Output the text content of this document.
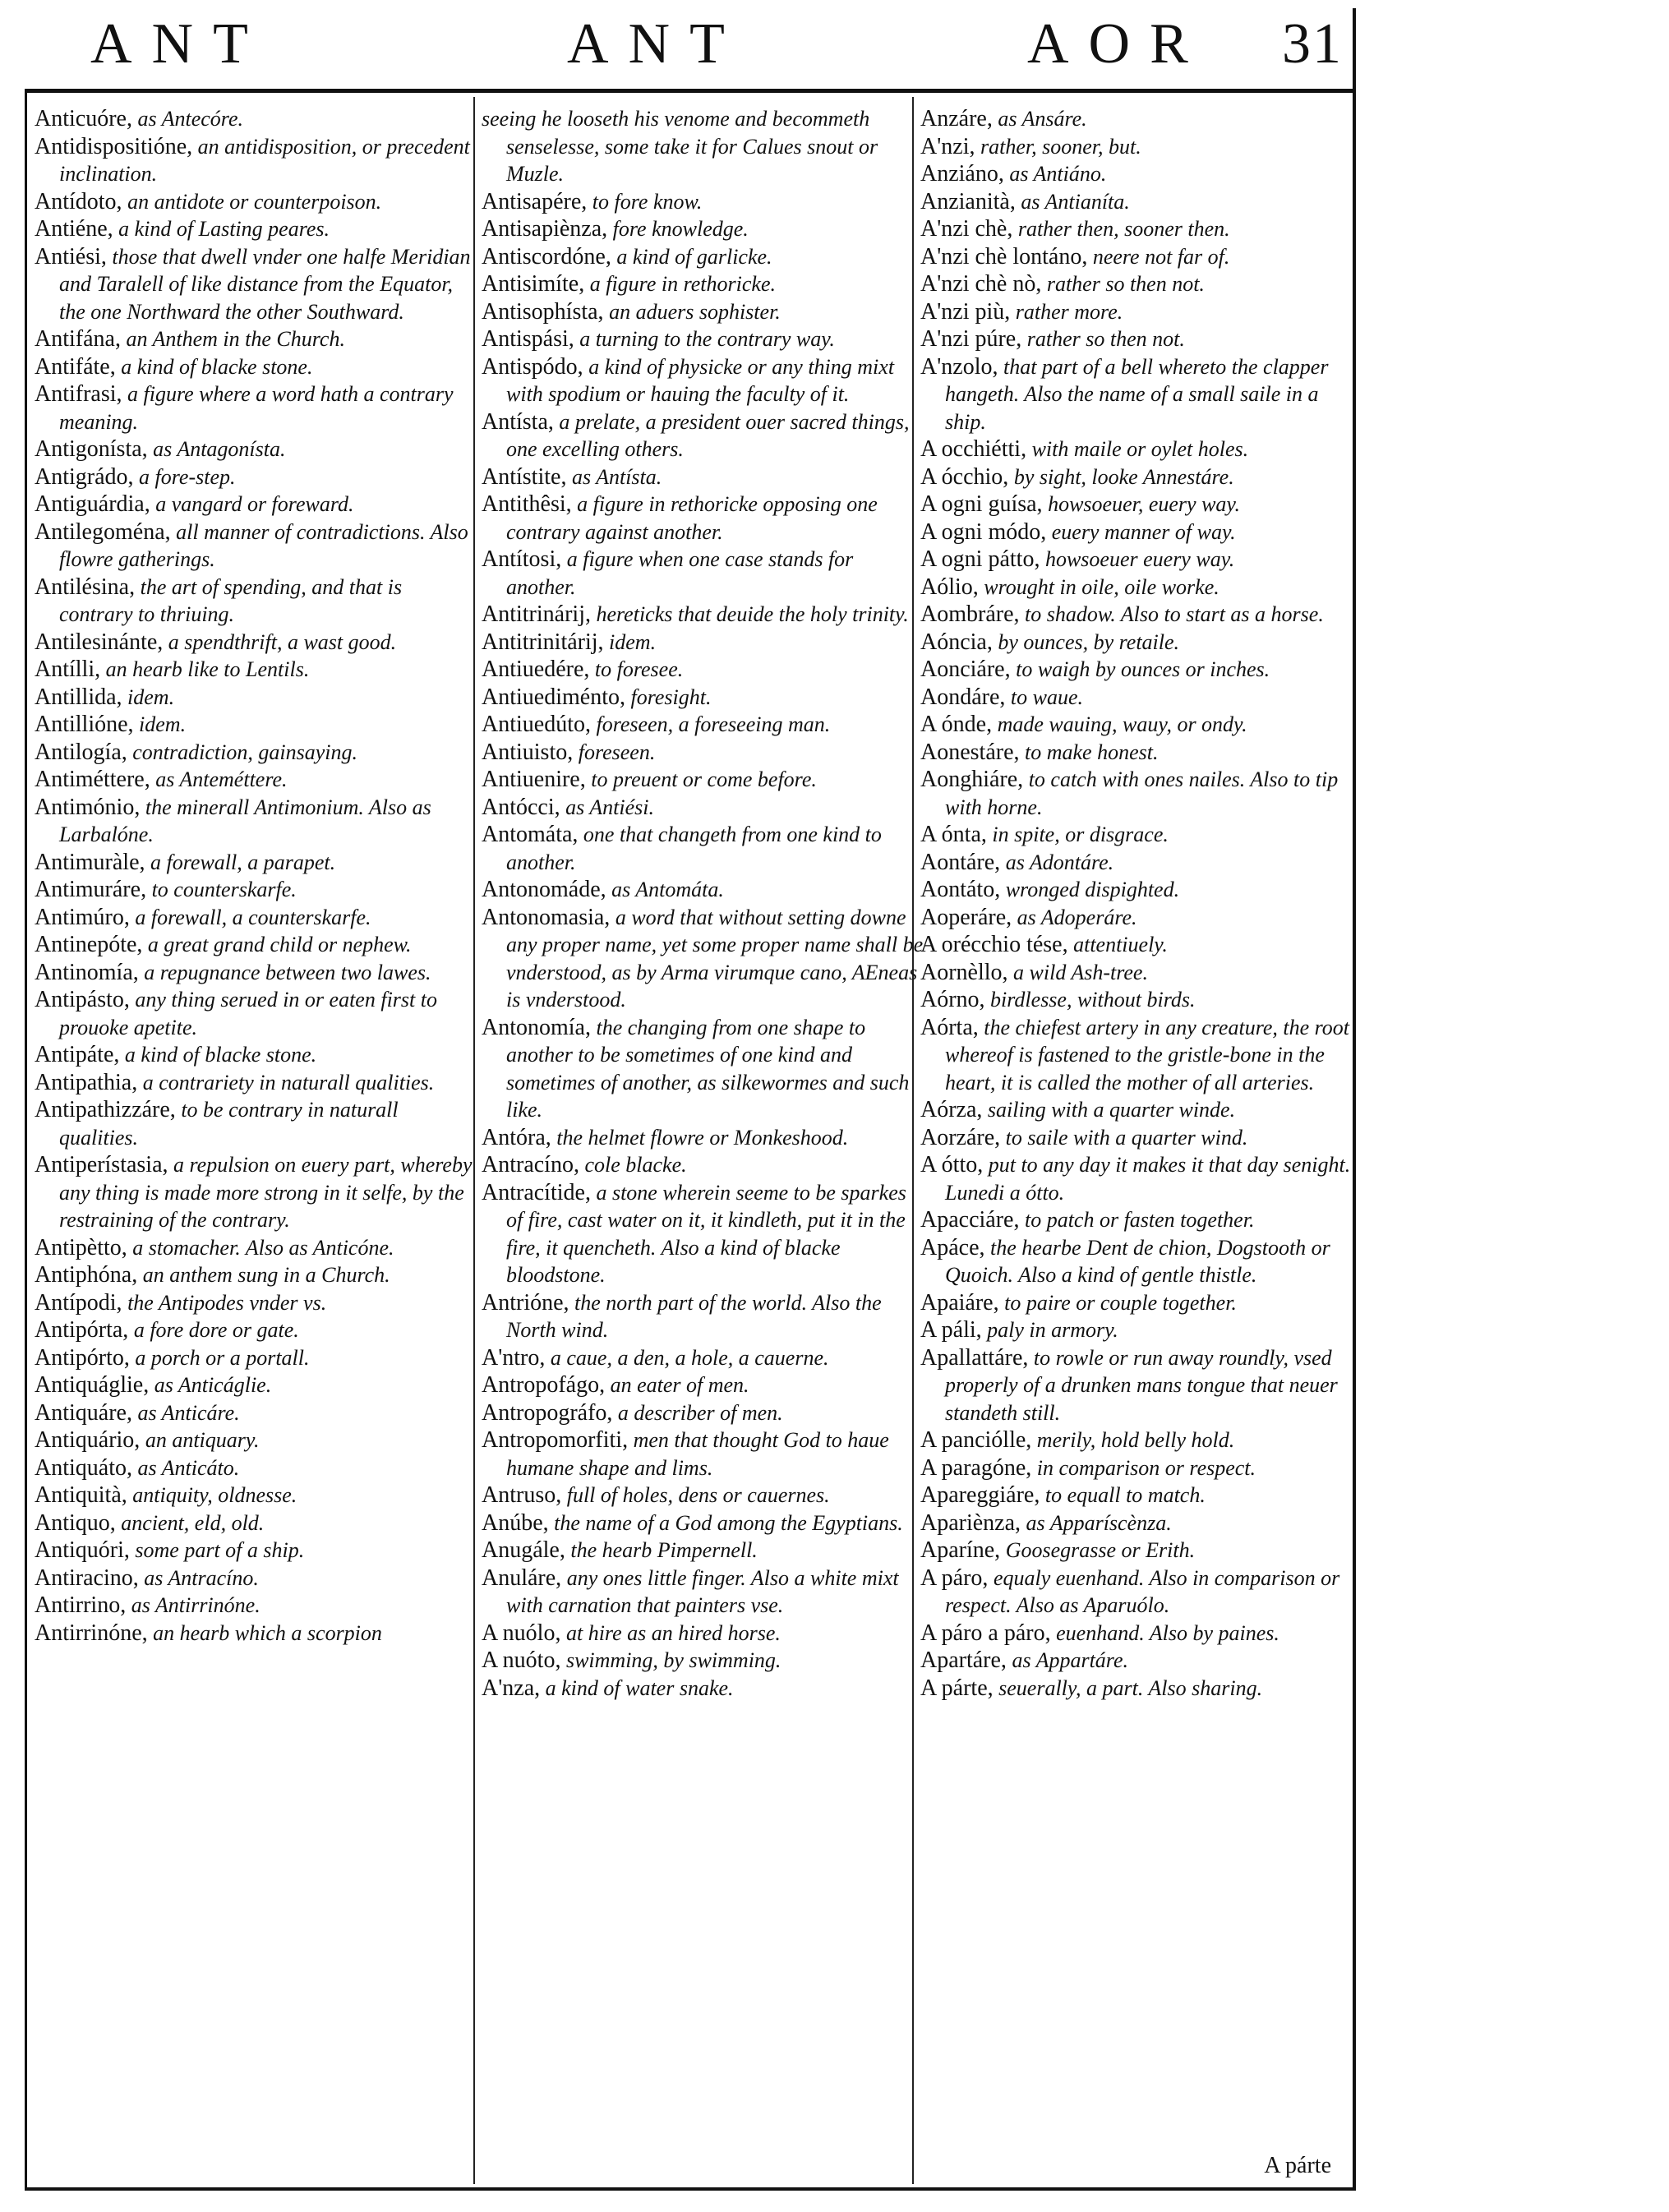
ANT	ANT	AOR 31

Anticuóre, as Antecóre.

Antidispositióne, an antidisposition, or precedent inclination.

Antídoto, an antidote or counterpoison.

Antiéne, a kind of Lasting peares.

Antiési, those that dwell vnder one halfe Meridian and Taralell of like distance from the Equator, the one Northward the other Southward.

Antifána, an Anthem in the Church.

Antifáte, a kind of blacke stone.

Antifrasi, a figure where a word hath a contrary meaning.

Antigonísta, as Antagonísta.

Antigrádo, a fore-step.

Antiguárdia, a vangard or foreward.

Antilegoména, all manner of contradictions. Also flowre gatherings.

Antilésina, the art of spending, and that is contrary to thriuing.

Antilesinánte, a spendthrift, a wast good.

Antílli, an hearb like to Lentils.

Antillida, idem.

Antillióne, idem.

Antilogía, contradiction, gainsaying.

Antiméttere, as Anteméttere.

Antimónio, the minerall Antimonium. Also as Larbalóne.

Antimuràle, a forewall, a parapet.

Antimuráre, to counterskarfe.

Antimúro, a forewall, a counterskarfe.

Antinepóte, a great grand child or nephew.

Antinomía, a repugnance between two lawes.

Antipásto, any thing serued in or eaten first to prouoke apetite.

Antipáte, a kind of blacke stone.

Antipathia, a contrariety in naturall qualities.

Antipathizzáre, to be contrary in naturall qualities.

Antiperístasia, a repulsion on euery part, whereby any thing is made more strong in it selfe, by the restraining of the contrary.

Antipètto, a stomacher. Also as Anticóne.

Antiphóna, an anthem sung in a Church.

Antípodi, the Antipodes vnder vs.

Antipórta, a fore dore or gate.

Antipórto, a porch or a portall.

Antiquáglie, as Anticáglie.

Antiquáre, as Anticáre.

Antiquário, an antiquary.

Antiquáto, as Anticáto.

Antiquità, antiquity, oldnesse.

Antiquo, ancient, eld, old.

Antiquóri, some part of a ship.

Antiracino, as Antracíno.

Antirrino, as Antirrinóne.

Antirrinóne, an hearb which a scorpion

seeing he looseth his venome and becommeth senselesse, some take it for Calues snout or Muzle.

Antisapére, to fore know.

Antisapiènza, fore knowledge.

Antiscordóne, a kind of garlicke.

Antisimíte, a figure in rethoricke.

Antisophísta, an aduers sophister.

Antispási, a turning to the contrary way.

Antispódo, a kind of physicke or any thing mixt with spodium or hauing the faculty of it.

Antísta, a prelate, a president ouer sacred things, one excelling others.

Antístite, as Antísta.

Antithêsi, a figure in rethoricke opposing one contrary against another.

Antítosi, a figure when one case stands for another.

Antitrinárij, hereticks that deuide the holy trinity.

Antitrinitárij, idem.

Antiuedére, to foresee.

Antiuediménto, foresight.

Antiuedúto, foreseen, a foreseeing man.

Antiuisto, foreseen.

Antiuenire, to preuent or come before.

Antócci, as Antiési.

Antomáta, one that changeth from one kind to another.

Antonomáde, as Antomáta.

Antonomasia, a word that without setting downe any proper name, yet some proper name shall be vnderstood, as by Arma virumque cano, AEneas is vnderstood.

Antonomía, the changing from one shape to another to be sometimes of one kind and sometimes of another, as silkewormes and such like.

Antóra, the helmet flowre or Monkeshood.

Antracíno, cole blacke.

Antracítide, a stone wherein seeme to be sparkes of fire, cast water on it, it kindleth, put it in the fire, it quencheth. Also a kind of blacke bloodstone.

Antrióne, the north part of the world. Also the North wind.

A'ntro, a caue, a den, a hole, a cauerne.

Antropofágo, an eater of men.

Antropográfo, a describer of men.

Antropomorfiti, men that thought God to haue humane shape and lims.

Antruso, full of holes, dens or cauernes.

Anúbe, the name of a God among the Egyptians.

Anugále, the hearb Pimpernell.

Anuláre, any ones little finger. Also a white mixt with carnation that painters vse.

A nuólo, at hire as an hired horse.

A nuóto, swimming, by swimming.

A'nza, a kind of water snake.

Anzáre, as Ansáre.

A'nzi, rather, sooner, but.

Anziáno, as Antiáno.

Anzianità, as Antianíta.

A'nzi chè, rather then, sooner then.

A'nzi chè lontáno, neere not far of.

A'nzi chè nò, rather so then not.

A'nzi più, rather more.

A'nzi púre, rather so then not.

A'nzolo, that part of a bell whereto the clapper hangeth. Also the name of a small saile in a ship.

A occhiétti, with maile or oylet holes.

A ócchio, by sight, looke Annestáre.

A ogni guísa, howsoeuer, euery way.

A ogni módo, euery manner of way.

A ogni pátto, howsoeuer euery way.

Aólio, wrought in oile, oile worke.

Aombráre, to shadow. Also to start as a horse.

Aóncia, by ounces, by retaile.

Aonciáre, to waigh by ounces or inches.

Aondáre, to waue.

A ónde, made wauing, wauy, or ondy.

Aonestáre, to make honest.

Aonghiáre, to catch with ones nailes. Also to tip with horne.

A ónta, in spite, or disgrace.

Aontáre, as Adontáre.

Aontáto, wronged dispighted.

Aoperáre, as Adoperáre.

A orécchio tése, attentiuely.

Aornèllo, a wild Ash-tree.

Aórno, birdlesse, without birds.

Aórta, the chiefest artery in any creature, the root whereof is fastened to the gristle-bone in the heart, it is called the mother of all arteries.

Aórza, sailing with a quarter winde.

Aorzáre, to saile with a quarter wind.

A ótto, put to any day it makes it that day senight. Lunedi a ótto.

Apacciáre, to patch or fasten together.

Apáce, the hearbe Dent de chion, Dogstooth or Quoich. Also a kind of gentle thistle.

Apaiáre, to paire or couple together.

A páli, paly in armory.

Apallattáre, to rowle or run away roundly, vsed properly of a drunken mans tongue that neuer standeth still.

A panciólle, merily, hold belly hold.

A paragóne, in comparison or respect.

Apareggiáre, to equall to match.

Apariènza, as Apparíscènza.

Aparíne, Goosegrasse or Erith.

A páro, equaly euenhand. Also in comparison or respect. Also as Aparuólo.

A páro a páro, euenhand. Also by paines.

Apartáre, as Appartáre.

A párte, seuerally, a part. Also sharing.

A párte
